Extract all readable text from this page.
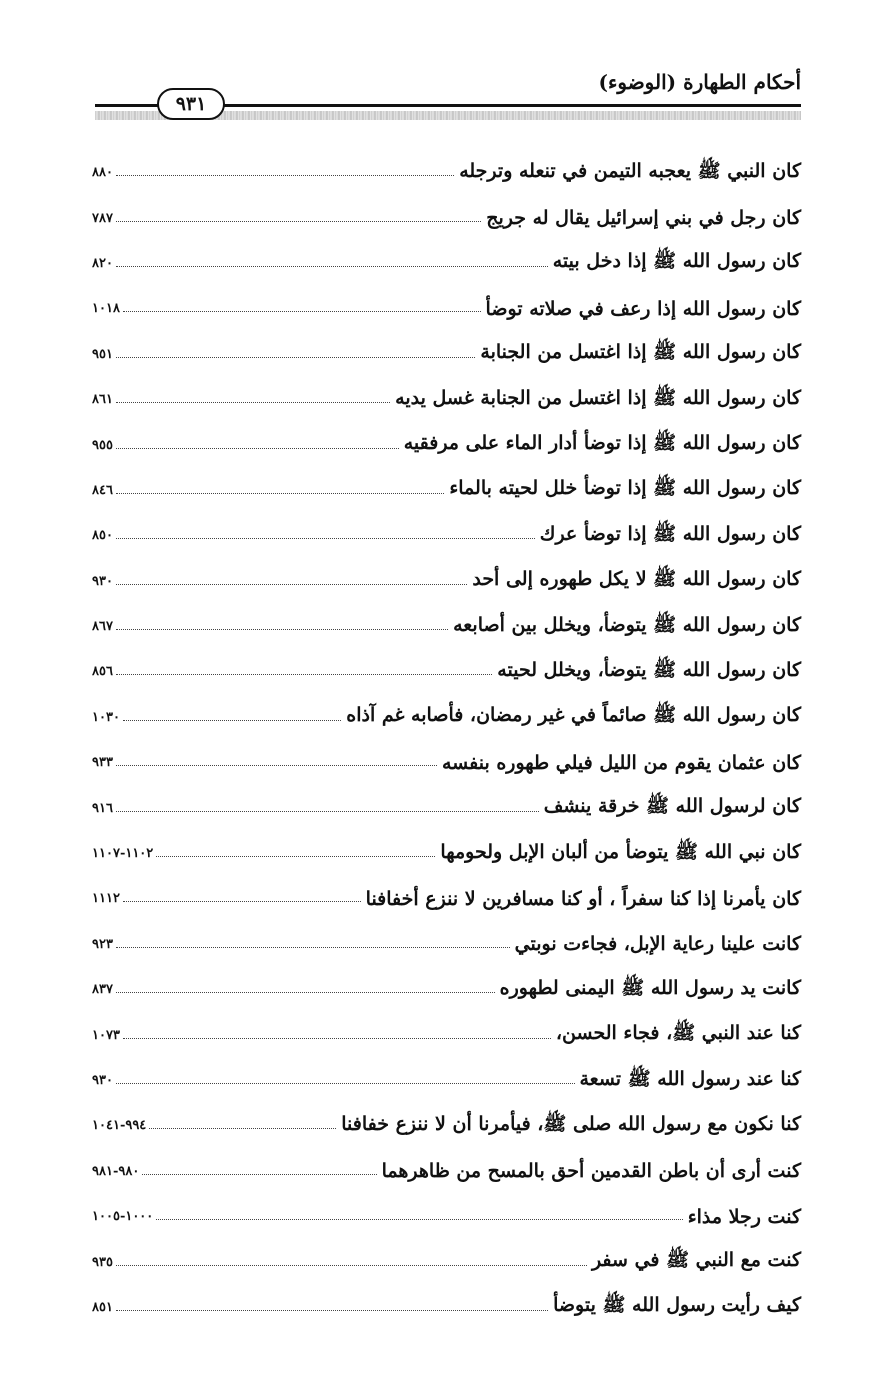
أحكام الطهارة (الوضوء)
٩٣١
كان النبي ﷺ يعجبه التيمن في تنعله وترجله
٨٨٠
كان رجل في بني إسرائيل يقال له جريج
٧٨٧
كان رسول الله ﷺ إذا دخل بيته
٨٢٠
كان رسول الله إذا رعف في صلاته توضأ
١٠١٨
كان رسول الله ﷺ إذا اغتسل من الجنابة
٩٥١
كان رسول الله ﷺ إذا اغتسل من الجنابة غسل يديه
٨٦١
كان رسول الله ﷺ إذا توضأ أدار الماء على مرفقيه
٩٥٥
كان رسول الله ﷺ إذا توضأ خلل لحيته بالماء
٨٤٦
كان رسول الله ﷺ إذا توضأ عرك
٨٥٠
كان رسول الله ﷺ لا يكل طهوره إلى أحد
٩٣٠
كان رسول الله ﷺ يتوضأ، ويخلل بين أصابعه
٨٦٧
كان رسول الله ﷺ يتوضأ، ويخلل لحيته
٨٥٦
كان رسول الله ﷺ صائماً في غير رمضان، فأصابه غم آذاه
١٠٣٠
كان عثمان يقوم من الليل فيلي طهوره بنفسه
٩٣٣
كان لرسول الله ﷺ خرقة ينشف
٩١٦
كان نبي الله ﷺ يتوضأ من ألبان الإبل ولحومها
١١٠٢-١١٠٧
كان يأمرنا إذا كنا سفراً ، أو كنا مسافرين لا ننزع أخفافنا
١١١٢
كانت علينا رعاية الإبل، فجاءت نوبتي
٩٢٣
كانت يد رسول الله ﷺ اليمنى لطهوره
٨٣٧
كنا عند النبي ﷺ، فجاء الحسن،
١٠٧٣
كنا عند رسول الله ﷺ تسعة
٩٣٠
كنا نكون مع رسول الله صلى ﷺ، فيأمرنا أن لا ننزع خفافنا
٩٩٤-١٠٤١
كنت أرى أن باطن القدمين أحق بالمسح من ظاهرهما
٩٨٠-٩٨١
كنت رجلا مذاء
١٠٠٠-١٠٠٥
كنت مع النبي ﷺ في سفر
٩٣٥
كيف رأيت رسول الله ﷺ يتوضأ
٨٥١
